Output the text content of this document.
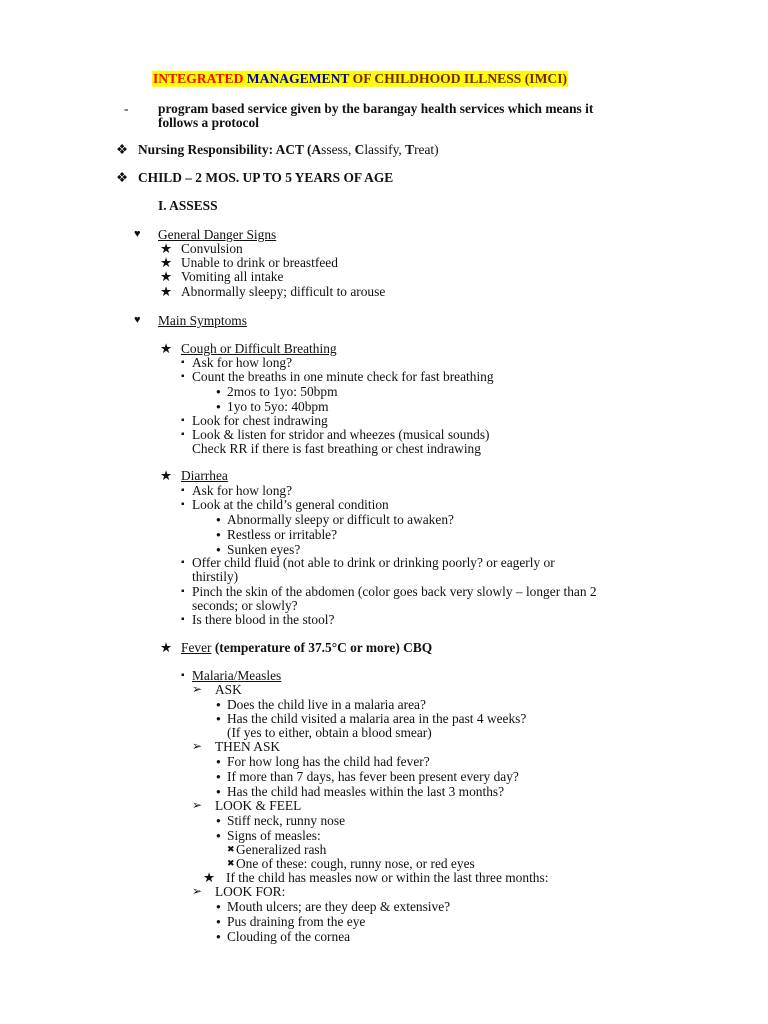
INTEGRATED MANAGEMENT OF CHILDHOOD ILLNESS (IMCI)
- program based service given by the barangay health services which means it
follows a protocol
❖ Nursing Responsibility: ACT (Assess, Classify, Treat)
❖ CHILD – 2 MOS. UP TO 5 YEARS OF AGE
I. ASSESS
♥ General Danger Signs
★ Convulsion
★ Unable to drink or breastfeed
★ Vomiting all intake
★ Abnormally sleepy; difficult to arouse
♥ Main Symptoms
★ Cough or Difficult Breathing
▪ Ask for how long?
▪ Count the breaths in one minute check for fast breathing
● 2mos to 1yo: 50bpm
● 1yo to 5yo: 40bpm
▪ Look for chest indrawing
▪ Look & listen for stridor and wheezes (musical sounds)
Check RR if there is fast breathing or chest indrawing
★ Diarrhea
▪ Ask for how long?
▪ Look at the child’s general condition
● Abnormally sleepy or difficult to awaken?
● Restless or irritable?
● Sunken eyes?
▪ Offer child fluid (not able to drink or drinking poorly? or eagerly or
thirstily)
▪ Pinch the skin of the abdomen (color goes back very slowly – longer than 2
seconds; or slowly?
▪ Is there blood in the stool?
★ Fever (temperature of 37.5°C or more) CBQ
▪ Malaria/Measles
➢ ASK
● Does the child live in a malaria area?
● Has the child visited a malaria area in the past 4 weeks?
(If yes to either, obtain a blood smear)
➢ THEN ASK
● For how long has the child had fever?
● If more than 7 days, has fever been present every day?
● Has the child had measles within the last 3 months?
➢ LOOK & FEEL
● Stiff neck, runny nose
● Signs of measles:
✖ Generalized rash
✖ One of these: cough, runny nose, or red eyes
★ If the child has measles now or within the last three months:
➢ LOOK FOR:
● Mouth ulcers; are they deep & extensive?
● Pus draining from the eye
● Clouding of the cornea
